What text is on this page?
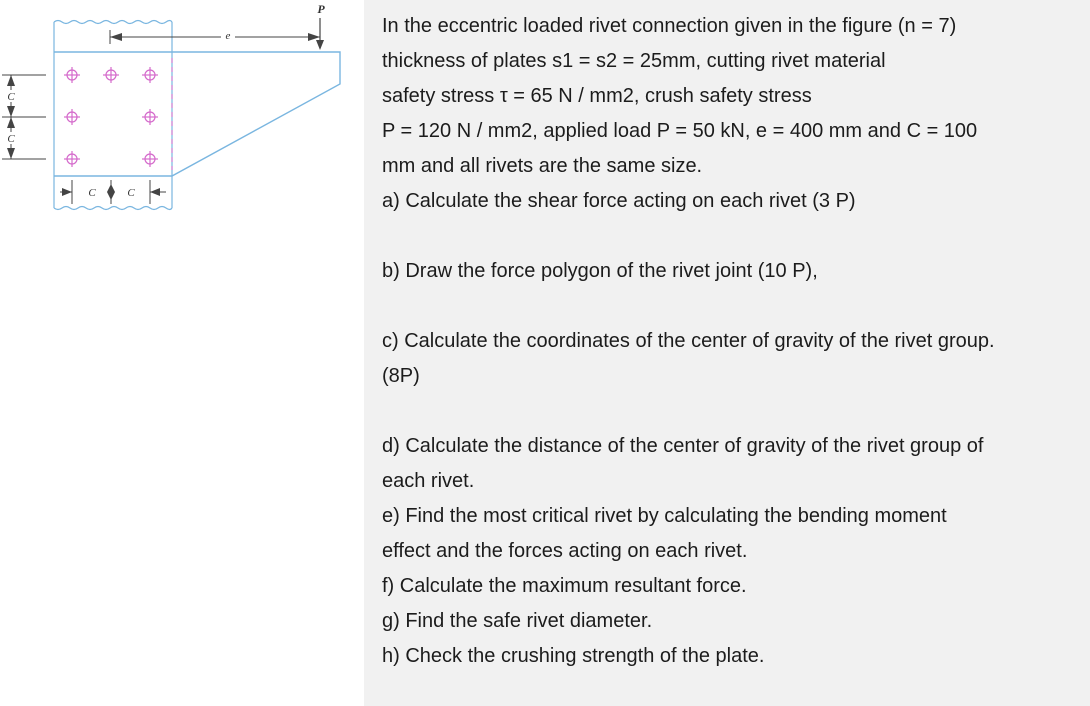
e
P
C
C
C	C

In the eccentric loaded rivet connection given in the figure (n = 7)

thickness of plates s1 = s2 = 25mm, cutting rivet material

safety stress τ = 65 N / mm2, crush safety stress

P = 120 N / mm2, applied load P = 50 kN, e = 400 mm and C = 100

mm and all rivets are the same size.

a) Calculate the shear force acting on each rivet (3 P)

b) Draw the force polygon of the rivet joint (10 P),

c) Calculate the coordinates of the center of gravity of the rivet group.

(8P)

d) Calculate the distance of the center of gravity of the rivet group of

each rivet.

e) Find the most critical rivet by calculating the bending moment

effect and the forces acting on each rivet.

f) Calculate the maximum resultant force.

g) Find the safe rivet diameter.

h) Check the crushing strength of the plate.
